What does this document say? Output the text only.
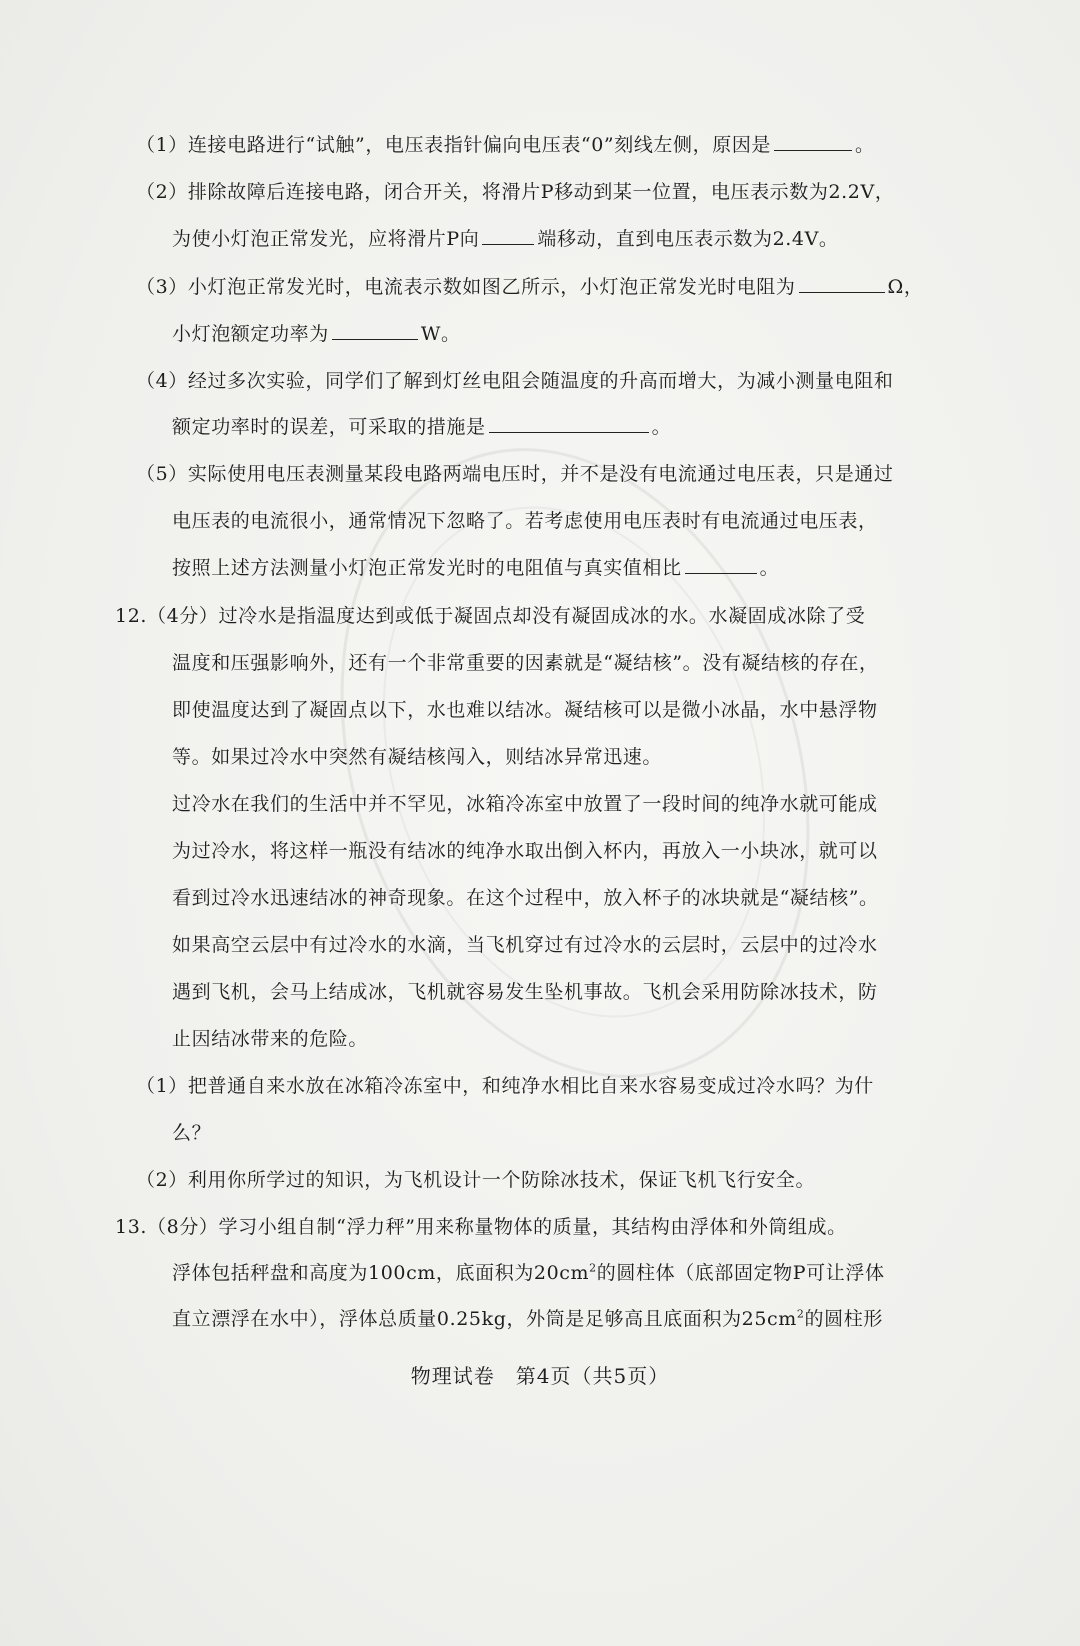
（1）连接电路进行“试触”，电压表指针偏向电压表“0”刻线左侧，原因是	。
（2）排除故障后连接电路，闭合开关，将滑片P移动到某一位置，电压表示数为2.2V，
为使小灯泡正常发光，应将滑片P向	端移动，直到电压表示数为2.4V。
（3）小灯泡正常发光时，电流表示数如图乙所示，小灯泡正常发光时电阻为	Ω，
小灯泡额定功率为	W。
（4）经过多次实验，同学们了解到灯丝电阻会随温度的升高而增大，为减小测量电阻和
额定功率时的误差，可采取的措施是	。
（5）实际使用电压表测量某段电路两端电压时，并不是没有电流通过电压表，只是通过
电压表的电流很小，通常情况下忽略了。若考虑使用电压表时有电流通过电压表，
按照上述方法测量小灯泡正常发光时的电阻值与真实值相比	。
12.（4分）过冷水是指温度达到或低于凝固点却没有凝固成冰的水。水凝固成冰除了受
温度和压强影响外，还有一个非常重要的因素就是“凝结核”。没有凝结核的存在，
即使温度达到了凝固点以下，水也难以结冰。凝结核可以是微小冰晶，水中悬浮物
等。如果过冷水中突然有凝结核闯入，则结冰异常迅速。
过冷水在我们的生活中并不罕见，冰箱冷冻室中放置了一段时间的纯净水就可能成
为过冷水，将这样一瓶没有结冰的纯净水取出倒入杯内，再放入一小块冰，就可以
看到过冷水迅速结冰的神奇现象。在这个过程中，放入杯子的冰块就是“凝结核”。
如果高空云层中有过冷水的水滴，当飞机穿过有过冷水的云层时，云层中的过冷水
遇到飞机，会马上结成冰，飞机就容易发生坠机事故。飞机会采用防除冰技术，防
止因结冰带来的危险。
（1）把普通自来水放在冰箱冷冻室中，和纯净水相比自来水容易变成过冷水吗？为什
么？
（2）利用你所学过的知识，为飞机设计一个防除冰技术，保证飞机飞行安全。
13.（8分）学习小组自制“浮力秤”用来称量物体的质量，其结构由浮体和外筒组成。
浮体包括秤盘和高度为100cm，底面积为$20cm^2$的圆柱体（底部固定物P可让浮体
直立漂浮在水中），浮体总质量0.25kg，外筒是足够高且底面积为$25cm^2$的圆柱形
物理试卷　第4页（共5页）
